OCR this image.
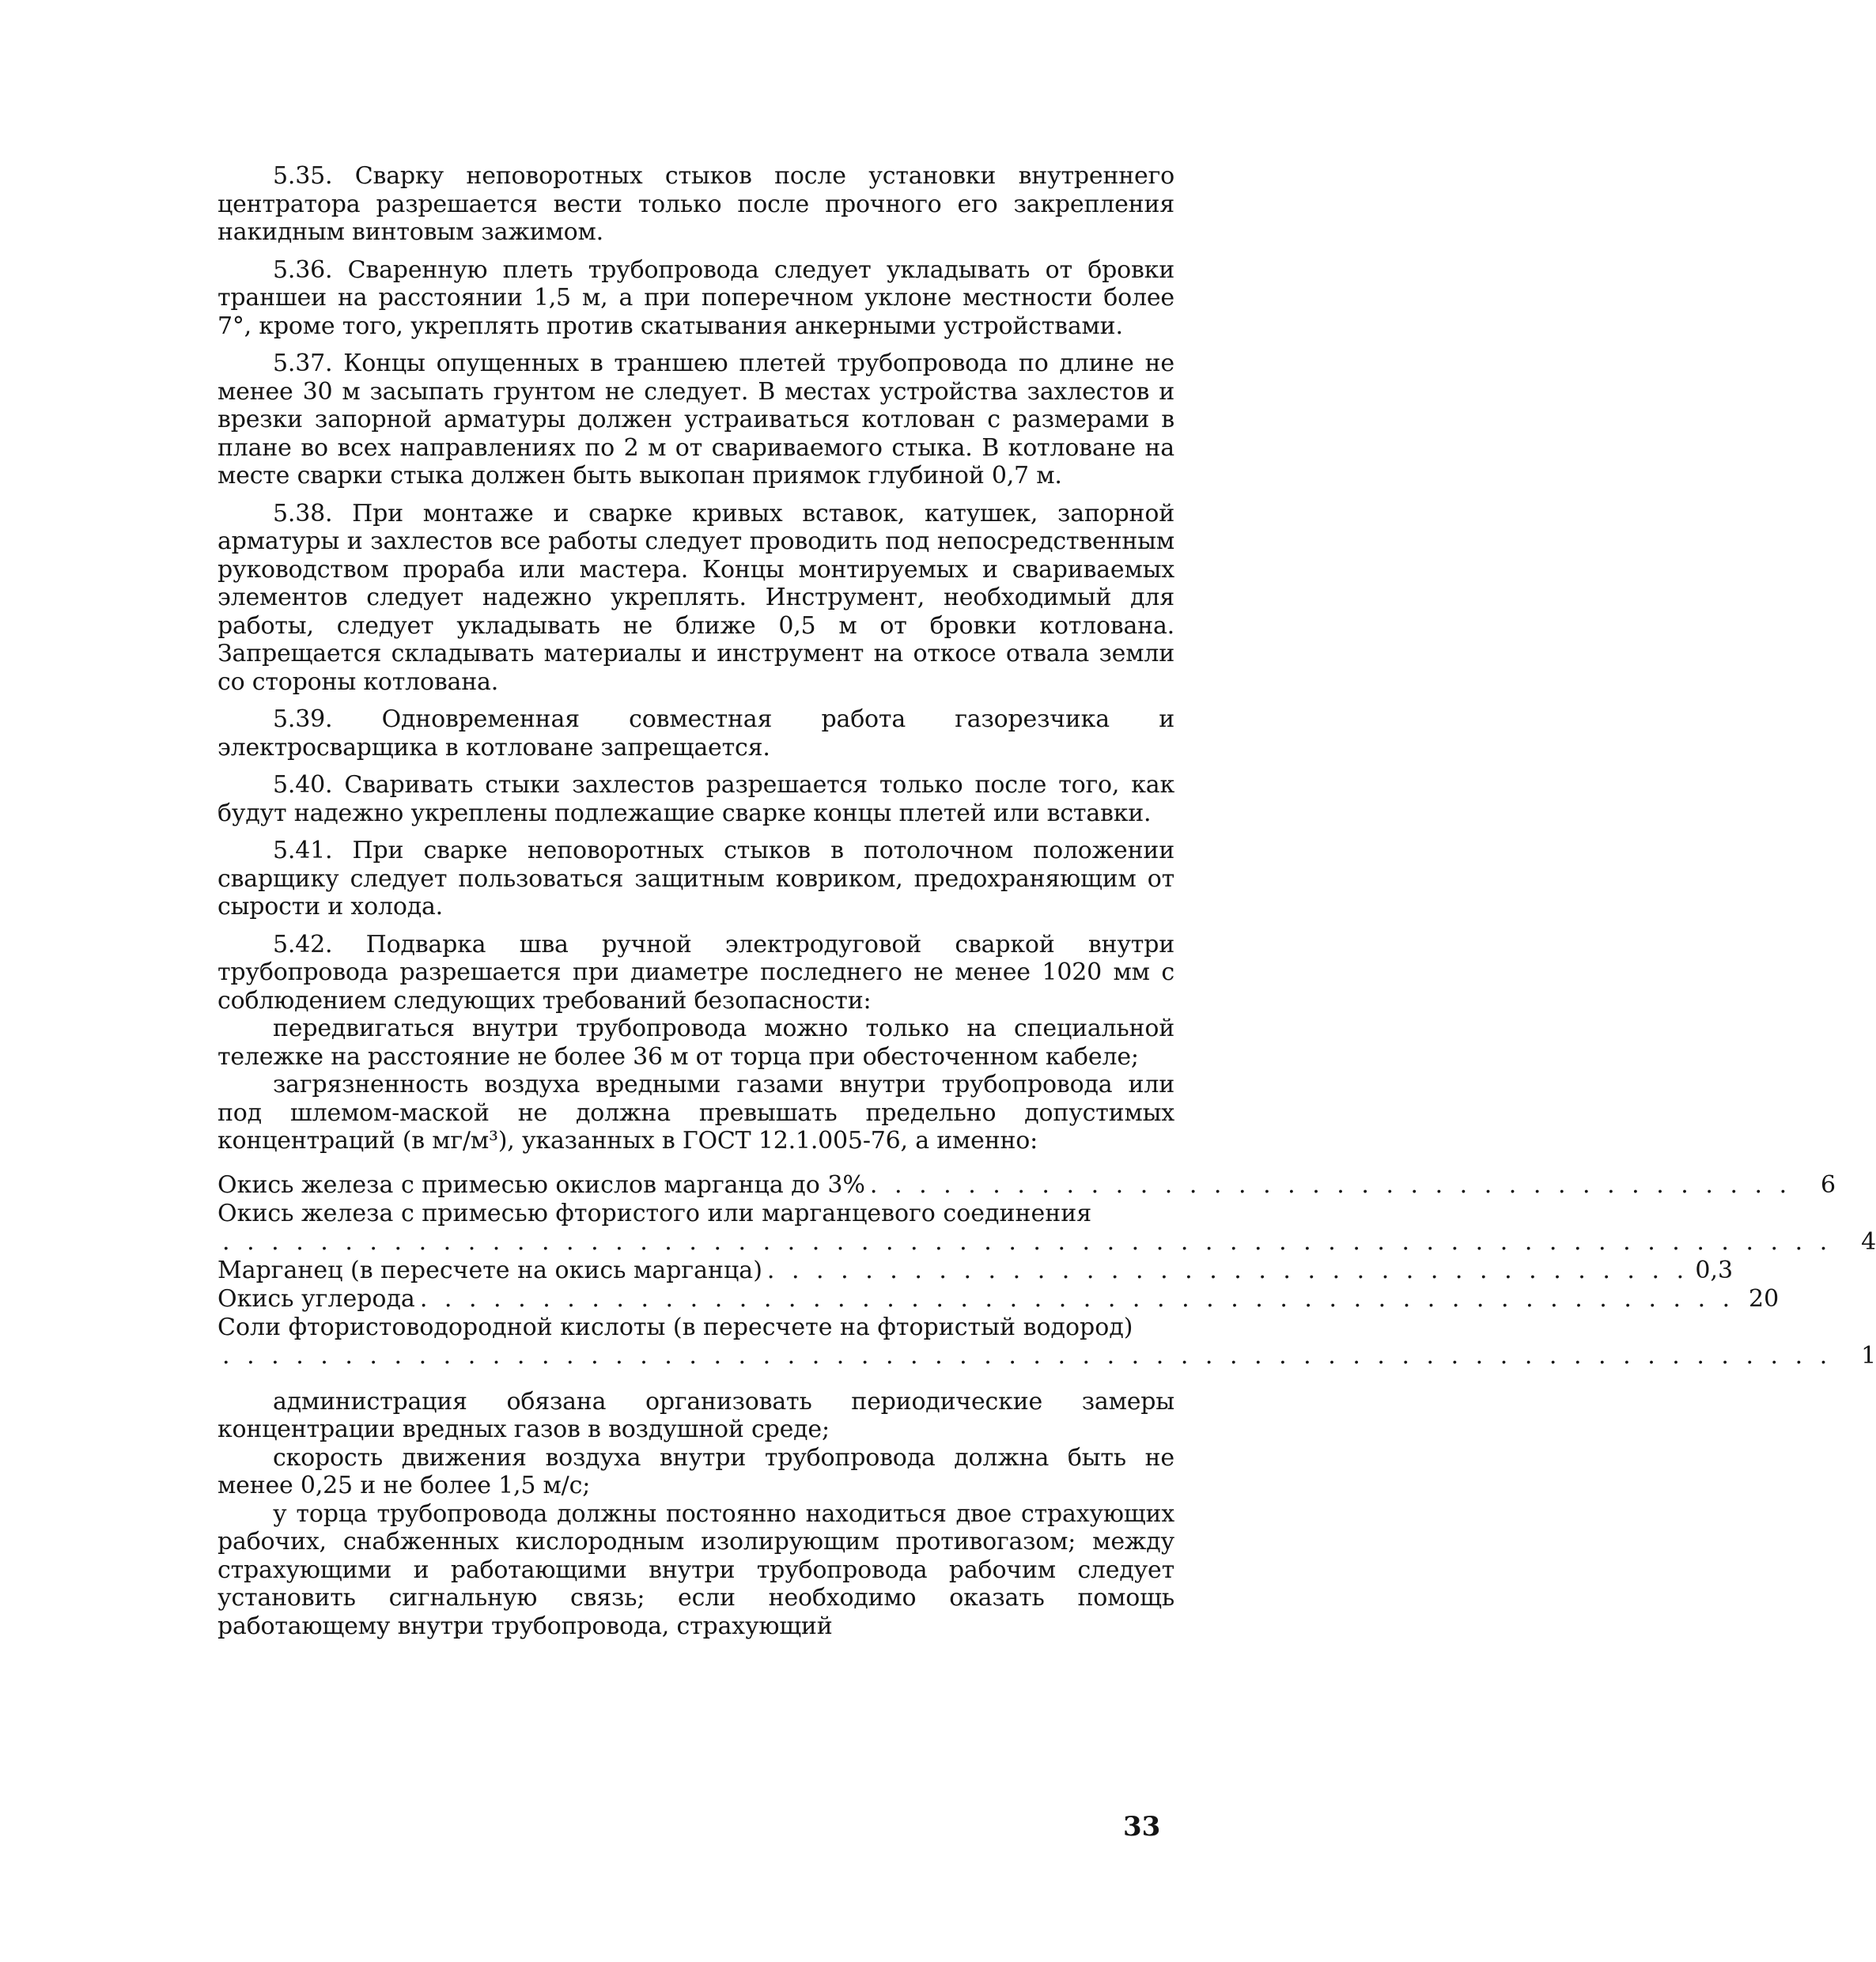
5.35. Сварку неповоротных стыков после установки внутреннего центратора разрешается вести только после прочного его закрепления накидным винтовым зажимом.

5.36. Сваренную плеть трубопровода следует укладывать от бровки траншеи на расстоянии 1,5 м, а при поперечном уклоне местности более 7°, кроме того, укреплять против скатывания анкерными устройствами.

5.37. Концы опущенных в траншею плетей трубопровода по длине не менее 30 м засыпать грунтом не следует. В местах устройства захлестов и врезки запорной арматуры должен устраиваться котлован с размерами в плане во всех направлениях по 2 м от свариваемого стыка. В котловане на месте сварки стыка должен быть выкопан приямок глубиной 0,7 м.

5.38. При монтаже и сварке кривых вставок, катушек, запорной арматуры и захлестов все работы следует проводить под непосредственным руководством прораба или мастера. Концы монтируемых и свариваемых элементов следует надежно укреплять. Инструмент, необходимый для работы, следует укладывать не ближе 0,5 м от бровки котлована. Запрещается складывать материалы и инструмент на откосе отвала земли со стороны котлована.

5.39. Одновременная совместная работа газорезчика и электросварщика в котловане запрещается.

5.40. Сваривать стыки захлестов разрешается только после того, как будут надежно укреплены подлежащие сварке концы плетей или вставки.

5.41. При сварке неповоротных стыков в потолочном положении сварщику следует пользоваться защитным ковриком, предохраняющим от сырости и холода.

5.42. Подварка шва ручной электродуговой сваркой внутри трубопровода разрешается при диаметре последнего не менее 1020 мм с соблюдением следующих требований безопасности:

передвигаться внутри трубопровода можно только на специальной тележке на расстояние не более 36 м от торца при обесточенном кабеле;

загрязненность воздуха вредными газами внутри трубопровода или под шлемом-маской не должна превышать предельно допустимых концентраций (в мг/м³), указанных в ГОСТ 12.1.005-76, а именно:

Окись железа с примесью окислов марганца до 3% . . . . . . . . . . . . . . . . . . . . . . . . . . . . . . . . . . . . . .	6
Окись железа с примесью фтористого или марганцевого соединения
. . . . . . . . . . . . . . . . . . . . . . . . . . . . . . . . . . . . . . . . . . . . . . . . . . . . . . . . . . . . . . . . . .	4
Марганец (в пересчете на окись марганца) . . . . . . . . . . . . . . . . . . . . . . . . . . . . . . . . . . . . . . 0,3
Окись углерода . . . . . . . . . . . . . . . . . . . . . . . . . . . . . . . . . . . . . . . . . . . . . . . . . . . . . . 20
Соли фтористоводородной кислоты (в пересчете на фтористый водород)
. . . . . . . . . . . . . . . . . . . . . . . . . . . . . . . . . . . . . . . . . . . . . . . . . . . . . . . . . . . . . . . . . .	1

администрация обязана организовать периодические замеры концентрации вредных газов в воздушной среде;

скорость движения воздуха внутри трубопровода должна быть не менее 0,25 и не более 1,5 м/с;

у торца трубопровода должны постоянно находиться двое страхующих рабочих, снабженных кислородным изолирующим противогазом; между страхующими и работающими внутри трубопровода рабочим следует установить сигнальную связь; если необходимо оказать помощь работающему внутри трубопровода, страхующий

33
